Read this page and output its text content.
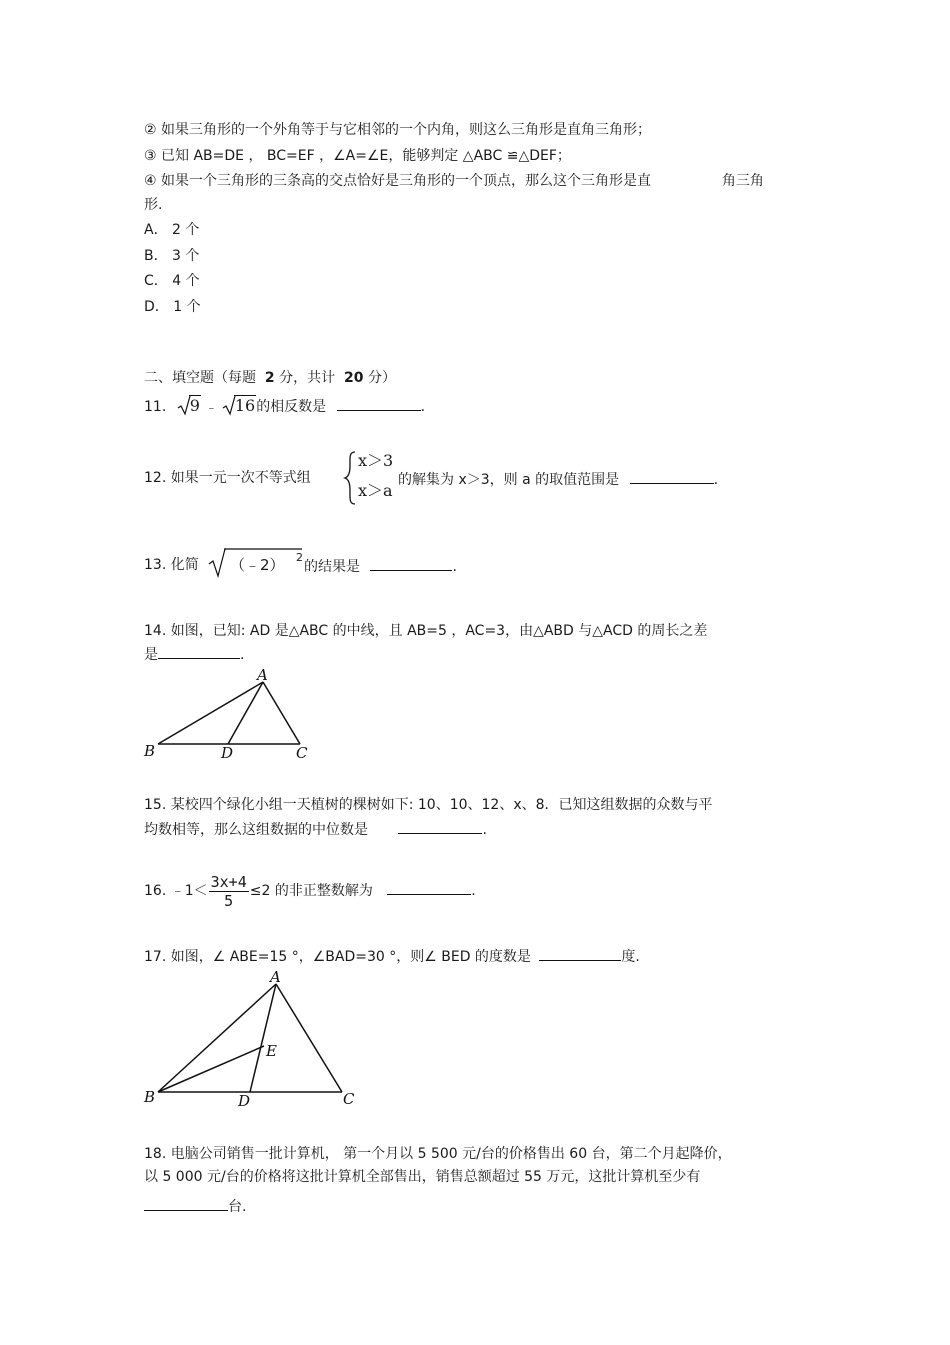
② 如果三角形的一个外角等于与它相邻的一个内角，则这么三角形是直角三角形；
③ 已知 AB=DE ， BC=EF ，∠A=∠E，能够判定 △ABC ≌△DEF；
④ 如果一个三角形的三条高的交点恰好是三角形的一个顶点，那么这个三角形是直	角三角
形.
A． 2 个
B． 3 个
C． 4 个
D． 1 个
二、填空题（每题 2 分，共计 20 分）
11. 9 ﹣ 16的相反数是	.
12. 如果一元一次不等式组
x＞3
x＞a
的解集为 x＞3，则 a 的取值范围是	.
13. 化简 （﹣2） 2
的结果是	.
14. 如图，已知: AD 是△ABC 的中线，且 AB=5 ，AC=3，由△ABD 与△ACD 的周长之差
是	.
A
B	D	C
15. 某校四个绿化小组一天植树的棵树如下: 10、10、12、x、8．已知这组数据的众数与平
均数相等，那么这组数据的中位数是	.
16. ﹣1＜ $\frac{3x+4}{5} \le 2$ 的非正整数解为	.
17. 如图，∠ ABE=15 °，∠BAD=30 °，则∠ BED 的度数是	度.
A
E
B	D	C
18. 电脑公司销售一批计算机， 第一个月以 5 500 元/台的价格售出 60 台，第二个月起降价，
以 5 000 元/台的价格将这批计算机全部售出，销售总额超过 55 万元，这批计算机至少有
台.
